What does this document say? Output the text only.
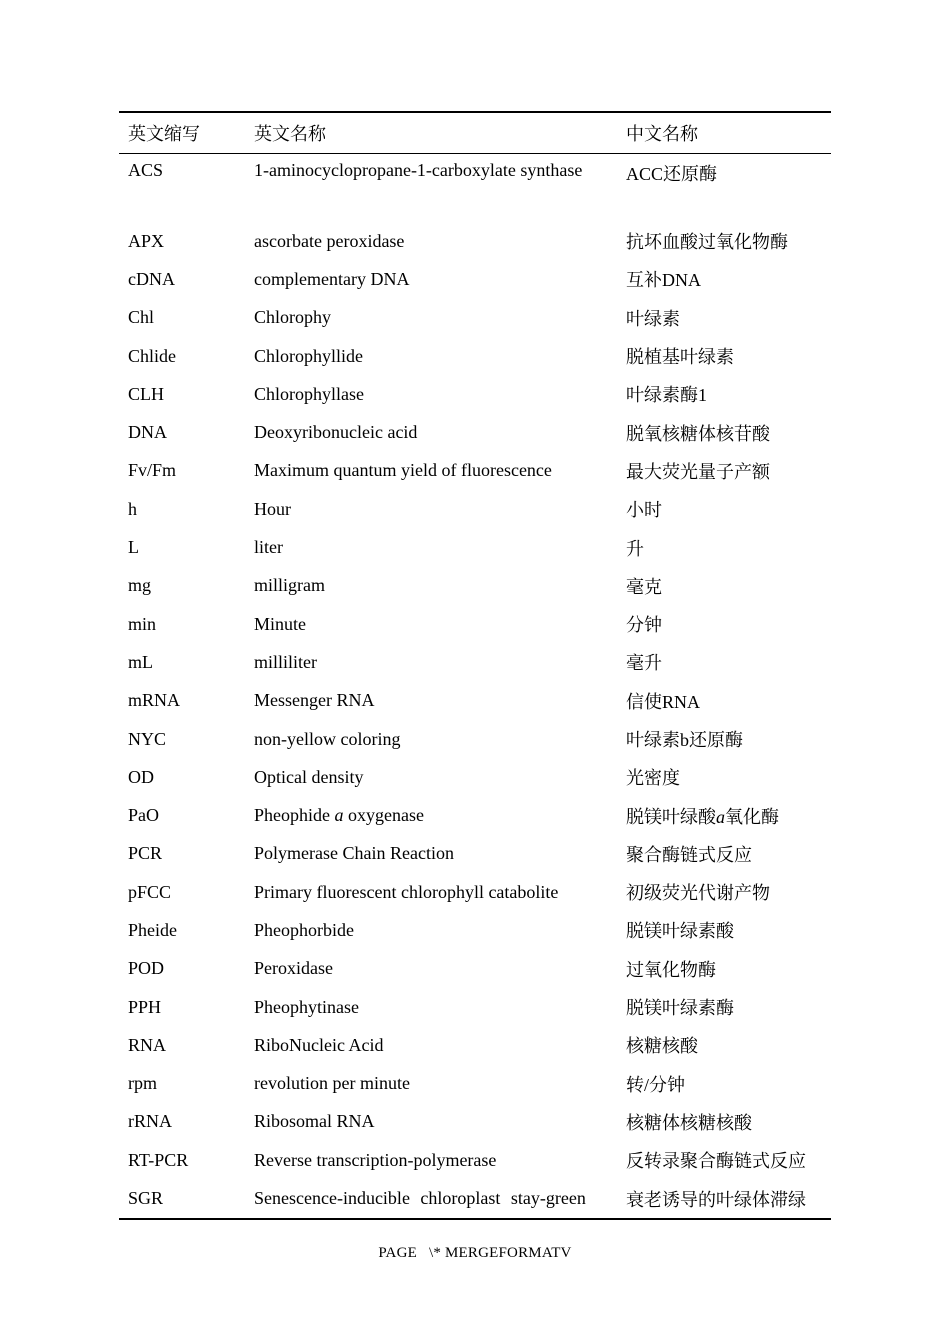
英文缩写	英文名称	中文名称
ACS	1-aminocyclopropane-1-carboxylate synthase	ACC还原酶
APX	ascorbate peroxidase	抗坏血酸过氧化物酶
cDNA	complementary DNA	互补DNA
Chl	Chlorophy	叶绿素
Chlide	Chlorophyllide	脱植基叶绿素
CLH	Chlorophyllase	叶绿素酶1
DNA	Deoxyribonucleic acid	脱氧核糖体核苷酸
Fv/Fm	Maximum quantum yield of fluorescence	最大荧光量子产额
h	Hour	小时
L	liter	升
mg	milligram	毫克
min	Minute	分钟
mL	milliliter	毫升
mRNA	Messenger RNA	信使RNA
NYC	non-yellow coloring	叶绿素b还原酶
OD	Optical density	光密度
PaO	Pheophide a oxygenase	脱镁叶绿酸a氧化酶
PCR	Polymerase Chain Reaction	聚合酶链式反应
pFCC	Primary fluorescent chlorophyll catabolite	初级荧光代谢产物
Pheide	Pheophorbide	脱镁叶绿素酸
POD	Peroxidase	过氧化物酶
PPH	Pheophytinase	脱镁叶绿素酶
RNA	RiboNucleic Acid	核糖核酸
rpm	revolution per minute	转/分钟
rRNA	Ribosomal RNA	核糖体核糖核酸
RT-PCR	Reverse transcription-polymerase	反转录聚合酶链式反应
SGR	Senescence-inducible chloroplast stay-green	衰老诱导的叶绿体滞绿
PAGE \* MERGEFORMATV
